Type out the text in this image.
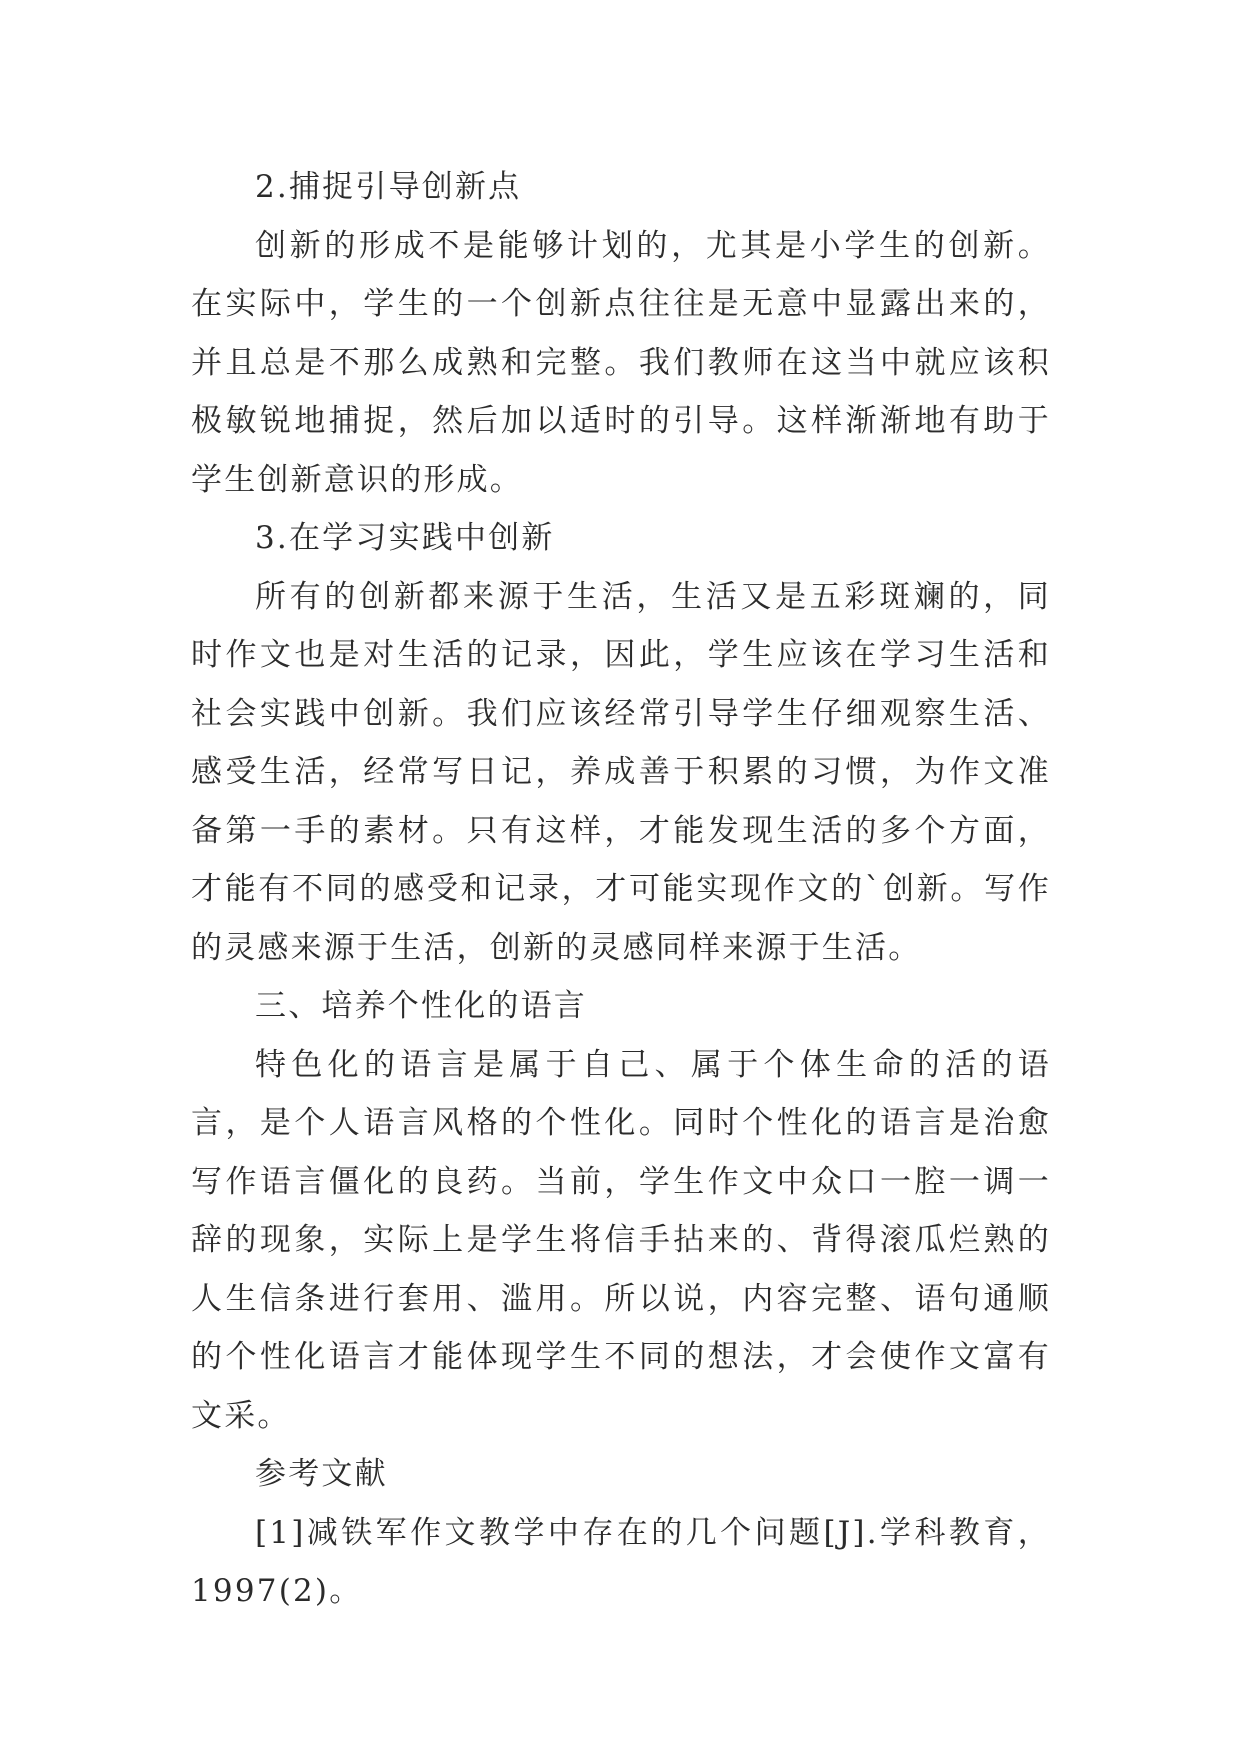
2.捕捉引导创新点

创新的形成不是能够计划的，尤其是小学生的创新。在实际中，学生的一个创新点往往是无意中显露出来的，并且总是不那么成熟和完整。我们教师在这当中就应该积极敏锐地捕捉，然后加以适时的引导。这样渐渐地有助于学生创新意识的形成。

3.在学习实践中创新

所有的创新都来源于生活，生活又是五彩斑斓的，同时作文也是对生活的记录，因此，学生应该在学习生活和社会实践中创新。我们应该经常引导学生仔细观察生活、感受生活，经常写日记，养成善于积累的习惯，为作文准备第一手的素材。只有这样，才能发现生活的多个方面，才能有不同的感受和记录，才可能实现作文的`创新。写作的灵感来源于生活，创新的灵感同样来源于生活。

三、培养个性化的语言

特色化的语言是属于自己、属于个体生命的活的语言，是个人语言风格的个性化。同时个性化的语言是治愈写作语言僵化的良药。当前，学生作文中众口一腔一调一辞的现象，实际上是学生将信手拈来的、背得滚瓜烂熟的人生信条进行套用、滥用。所以说，内容完整、语句通顺的个性化语言才能体现学生不同的想法，才会使作文富有文采。

参考文献

[1]减铁军作文教学中存在的几个问题[J].学科教育，1997(2)。
